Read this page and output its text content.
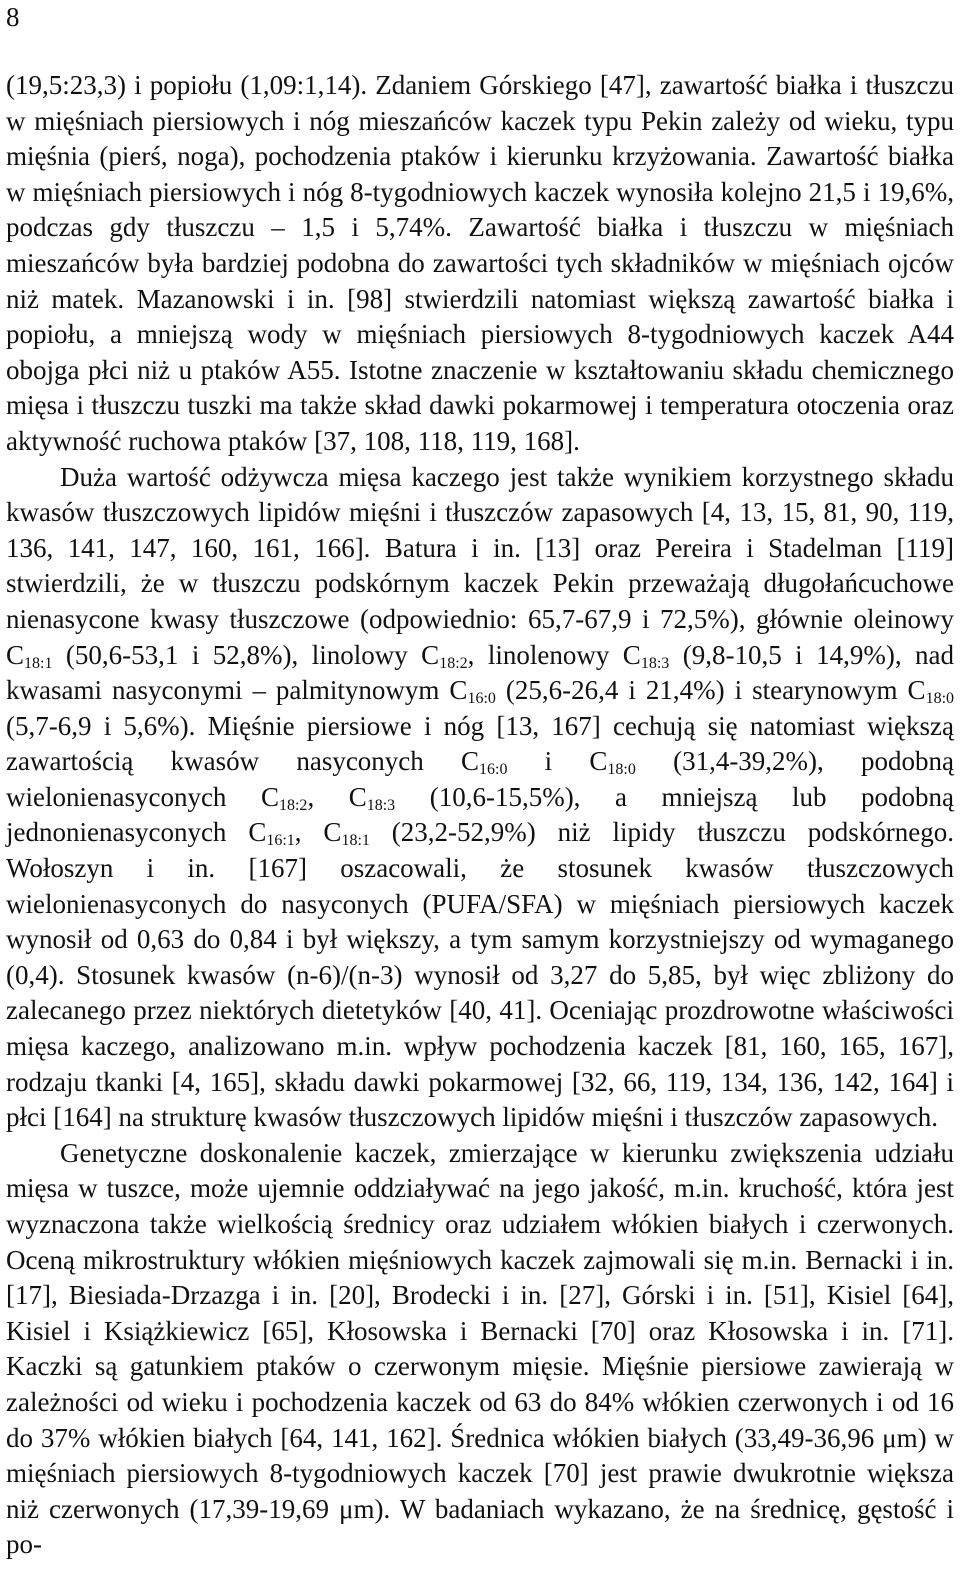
8

(19,5:23,3) i popiołu (1,09:1,14). Zdaniem Górskiego [47], zawartość białka i tłuszczu w mięśniach piersiowych i nóg mieszańców kaczek typu Pekin zależy od wieku, typu mięśnia (pierś, noga), pochodzenia ptaków i kierunku krzyżowania. Zawartość białka w mięśniach piersiowych i nóg 8-tygodniowych kaczek wynosiła kolejno 21,5 i 19,6%, podczas gdy tłuszczu – 1,5 i 5,74%. Zawartość białka i tłuszczu w mięśniach mieszańców była bardziej podobna do zawartości tych składników w mięśniach ojców niż matek. Mazanowski i in. [98] stwierdzili natomiast większą zawartość białka i popiołu, a mniejszą wody w mięśniach piersiowych 8-tygodniowych kaczek A44 obojga płci niż u ptaków A55. Istotne znaczenie w kształtowaniu składu chemicznego mięsa i tłuszczu tuszki ma także skład dawki pokarmowej i temperatura otoczenia oraz aktywność ruchowa ptaków [37, 108, 118, 119, 168].

Duża wartość odżywcza mięsa kaczego jest także wynikiem korzystnego składu kwasów tłuszczowych lipidów mięśni i tłuszczów zapasowych [4, 13, 15, 81, 90, 119, 136, 141, 147, 160, 161, 166]. Batura i in. [13] oraz Pereira i Stadelman [119] stwierdzili, że w tłuszczu podskórnym kaczek Pekin przeważają długołańcuchowe nienasycone kwasy tłuszczowe (odpowiednio: 65,7-67,9 i 72,5%), głównie oleinowy $C_{18:1}$ (50,6-53,1 i 52,8%), linolowy $C_{18:2}$, linolenowy $C_{18:3}$ (9,8-10,5 i 14,9%), nad kwasami nasyconymi – palmitynowym $C_{16:0}$ (25,6-26,4 i 21,4%) i stearynowym $C_{18:0}$ (5,7-6,9 i 5,6%). Mięśnie piersiowe i nóg [13, 167] cechują się natomiast większą zawartością kwasów nasyconych $C_{16:0}$ i $C_{18:0}$ (31,4-39,2%), podobną wielonienasyconych $C_{18:2}$, $C_{18:3}$ (10,6-15,5%), a mniejszą lub podobną jednonienasyconych $C_{16:1}$, $C_{18:1}$ (23,2-52,9%) niż lipidy tłuszczu podskórnego. Wołoszyn i in. [167] oszacowali, że stosunek kwasów tłuszczowych wielonienasyconych do nasyconych (PUFA/SFA) w mięśniach piersiowych kaczek wynosił od 0,63 do 0,84 i był większy, a tym samym korzystniejszy od wymaganego (0,4). Stosunek kwasów (n-6)/(n-3) wynosił od 3,27 do 5,85, był więc zbliżony do zalecanego przez niektórych dietetyków [40, 41]. Oceniając prozdrowotne właściwości mięsa kaczego, analizowano m.in. wpływ pochodzenia kaczek [81, 160, 165, 167], rodzaju tkanki [4, 165], składu dawki pokarmowej [32, 66, 119, 134, 136, 142, 164] i płci [164] na strukturę kwasów tłuszczowych lipidów mięśni i tłuszczów zapasowych.

Genetyczne doskonalenie kaczek, zmierzające w kierunku zwiększenia udziału mięsa w tuszce, może ujemnie oddziaływać na jego jakość, m.in. kruchość, która jest wyznaczona także wielkością średnicy oraz udziałem włókien białych i czerwonych. Oceną mikrostruktury włókien mięśniowych kaczek zajmowali się m.in. Bernacki i in. [17], Biesiada-Drzazga i in. [20], Brodecki i in. [27], Górski i in. [51], Kisiel [64], Kisiel i Książkiewicz [65], Kłosowska i Bernacki [70] oraz Kłosowska i in. [71]. Kaczki są gatunkiem ptaków o czerwonym mięsie. Mięśnie piersiowe zawierają w zależności od wieku i pochodzenia kaczek od 63 do 84% włókien czerwonych i od 16 do 37% włókien białych [64, 141, 162]. Średnica włókien białych (33,49-36,96 μm) w mięśniach piersiowych 8-tygodniowych kaczek [70] jest prawie dwukrotnie większa niż czerwonych (17,39-19,69 μm). W badaniach wykazano, że na średnicę, gęstość i po-
